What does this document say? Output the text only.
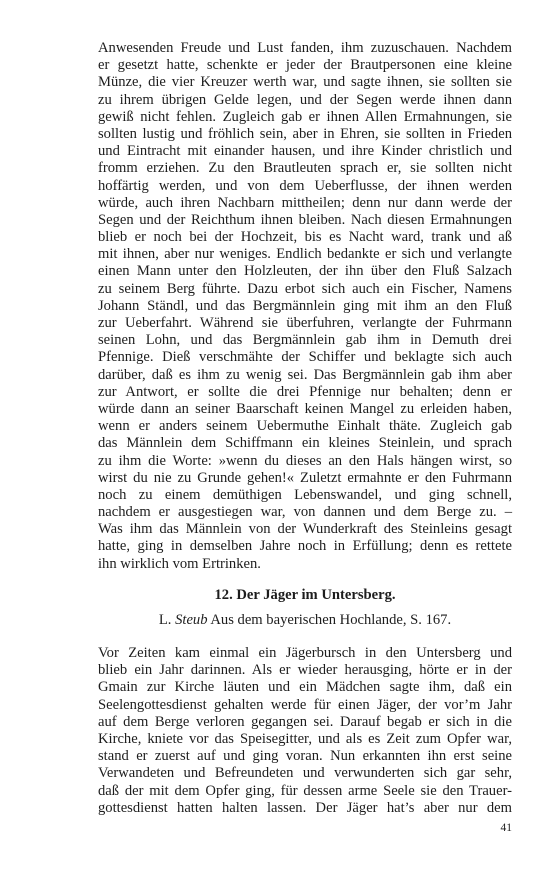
Anwesenden Freude und Lust fanden, ihm zuzuschauen. Nachdem
er gesetzt hatte, schenkte er jeder der Brautpersonen eine kleine
Münze, die vier Kreuzer werth war, und sagte ihnen, sie sollten sie
zu ihrem übrigen Gelde legen, und der Segen werde ihnen dann
gewiß nicht fehlen. Zugleich gab er ihnen Allen Ermahnungen, sie
sollten lustig und fröhlich sein, aber in Ehren, sie sollten in Frieden
und Eintracht mit einander hausen, und ihre Kinder christlich und
fromm erziehen. Zu den Brautleuten sprach er, sie sollten nicht
hoffärtig werden, und von dem Ueberflusse, der ihnen werden
würde, auch ihren Nachbarn mittheilen; denn nur dann werde der
Segen und der Reichthum ihnen bleiben. Nach diesen Ermahnungen
blieb er noch bei der Hochzeit, bis es Nacht ward, trank und aß
mit ihnen, aber nur weniges. Endlich bedankte er sich und verlangte
einen Mann unter den Holzleuten, der ihn über den Fluß Salzach
zu seinem Berg führte. Dazu erbot sich auch ein Fischer, Namens
Johann Ständl, und das Bergmännlein ging mit ihm an den Fluß
zur Ueberfahrt. Während sie überfuhren, verlangte der Fuhrmann
seinen Lohn, und das Bergmännlein gab ihm in Demuth drei
Pfennige. Dieß verschmähte der Schiffer und beklagte sich auch
darüber, daß es ihm zu wenig sei. Das Bergmännlein gab ihm aber
zur Antwort, er sollte die drei Pfennige nur behalten; denn er
würde dann an seiner Baarschaft keinen Mangel zu erleiden haben,
wenn er anders seinem Uebermuthe Einhalt thäte. Zugleich gab
das Männlein dem Schiffmann ein kleines Steinlein, und sprach
zu ihm die Worte: »wenn du dieses an den Hals hängen wirst, so
wirst du nie zu Grunde gehen!« Zuletzt ermahnte er den Fuhrmann
noch zu einem demüthigen Lebenswandel, und ging schnell,
nachdem er ausgestiegen war, von dannen und dem Berge zu. –
Was ihm das Männlein von der Wunderkraft des Steinleins gesagt
hatte, ging in demselben Jahre noch in Erfüllung; denn es rettete
ihn wirklich vom Ertrinken.
12. Der Jäger im Untersberg.
L. Steub Aus dem bayerischen Hochlande, S. 167.
Vor Zeiten kam einmal ein Jägerbursch in den Untersberg und
blieb ein Jahr darinnen. Als er wieder herausging, hörte er in der
Gmain zur Kirche läuten und ein Mädchen sagte ihm, daß ein
Seelengottesdienst gehalten werde für einen Jäger, der vor’m Jahr
auf dem Berge verloren gegangen sei. Darauf begab er sich in die
Kirche, kniete vor das Speisegitter, und als es Zeit zum Opfer war,
stand er zuerst auf und ging voran. Nun erkannten ihn erst seine
Verwandeten und Befreundeten und verwunderten sich gar sehr,
daß der mit dem Opfer ging, für dessen arme Seele sie den Trauer-
gottesdienst hatten halten lassen. Der Jäger hat’s aber nur dem
41
